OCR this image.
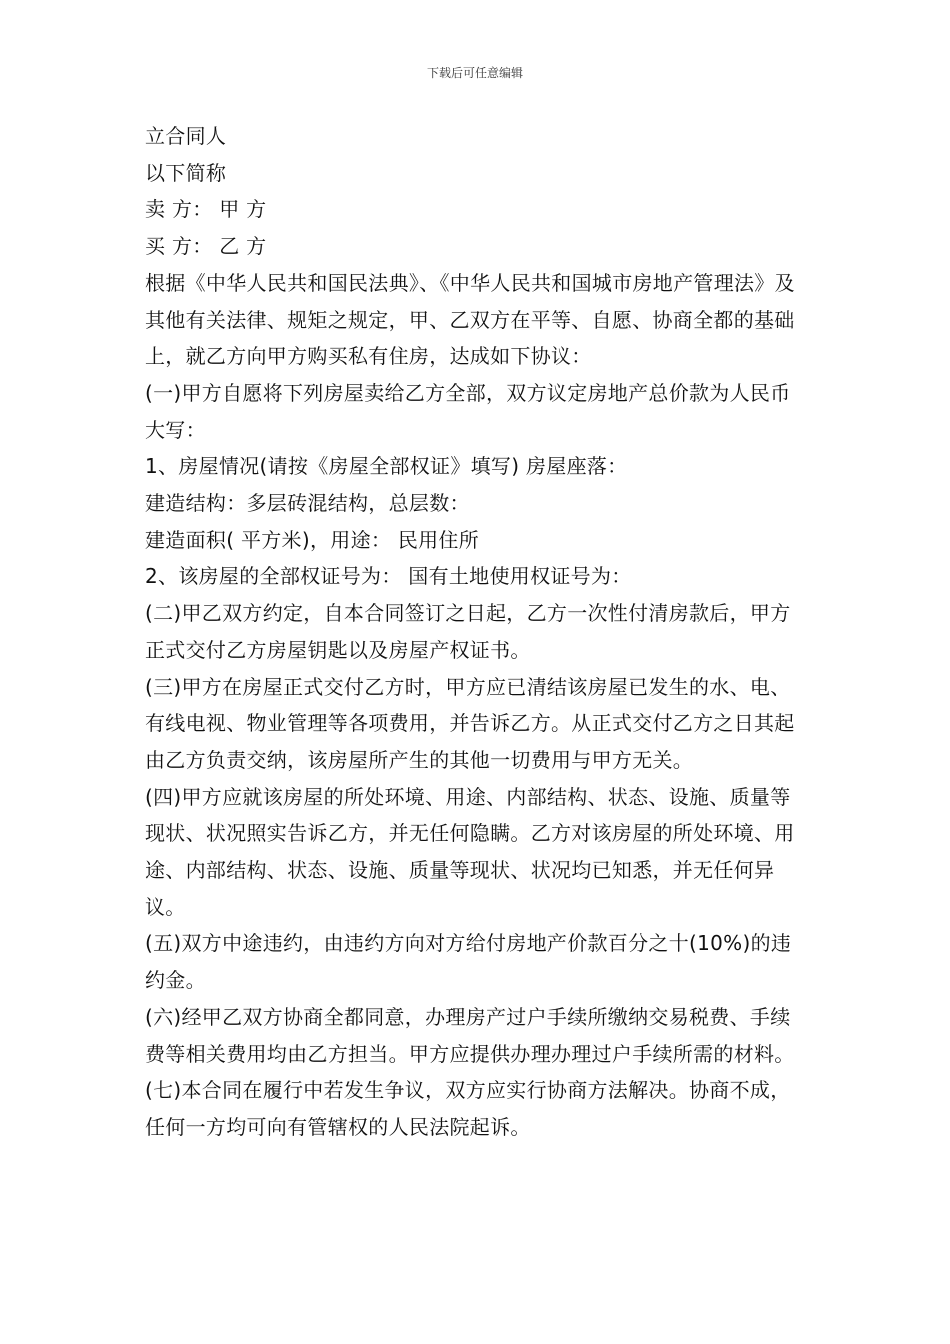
下载后可任意编辑

立合同人

以下简称

卖 方： 甲 方

买 方： 乙 方

根据《中华人民共和国民法典》、《中华人民共和国城市房地产管理法》及其他有关法律、规矩之规定，甲、乙双方在平等、自愿、协商全都的基础上，就乙方向甲方购买私有住房，达成如下协议：

(一)甲方自愿将下列房屋卖给乙方全部，双方议定房地产总价款为人民币大写：

1、房屋情况(请按《房屋全部权证》填写) 房屋座落：

建造结构：多层砖混结构，总层数：

建造面积( 平方米)，用途： 民用住所

2、该房屋的全部权证号为： 国有土地使用权证号为：

(二)甲乙双方约定，自本合同签订之日起，乙方一次性付清房款后，甲方正式交付乙方房屋钥匙以及房屋产权证书。

(三)甲方在房屋正式交付乙方时，甲方应已清结该房屋已发生的水、电、有线电视、物业管理等各项费用，并告诉乙方。从正式交付乙方之日其起由乙方负责交纳，该房屋所产生的其他一切费用与甲方无关。

(四)甲方应就该房屋的所处环境、用途、内部结构、状态、设施、质量等现状、状况照实告诉乙方，并无任何隐瞒。乙方对该房屋的所处环境、用途、内部结构、状态、设施、质量等现状、状况均已知悉，并无任何异议。

(五)双方中途违约，由违约方向对方给付房地产价款百分之十(10%)的违约金。

(六)经甲乙双方协商全都同意，办理房产过户手续所缴纳交易税费、手续费等相关费用均由乙方担当。甲方应提供办理办理过户手续所需的材料。

(七)本合同在履行中若发生争议，双方应实行协商方法解决。协商不成，任何一方均可向有管辖权的人民法院起诉。
